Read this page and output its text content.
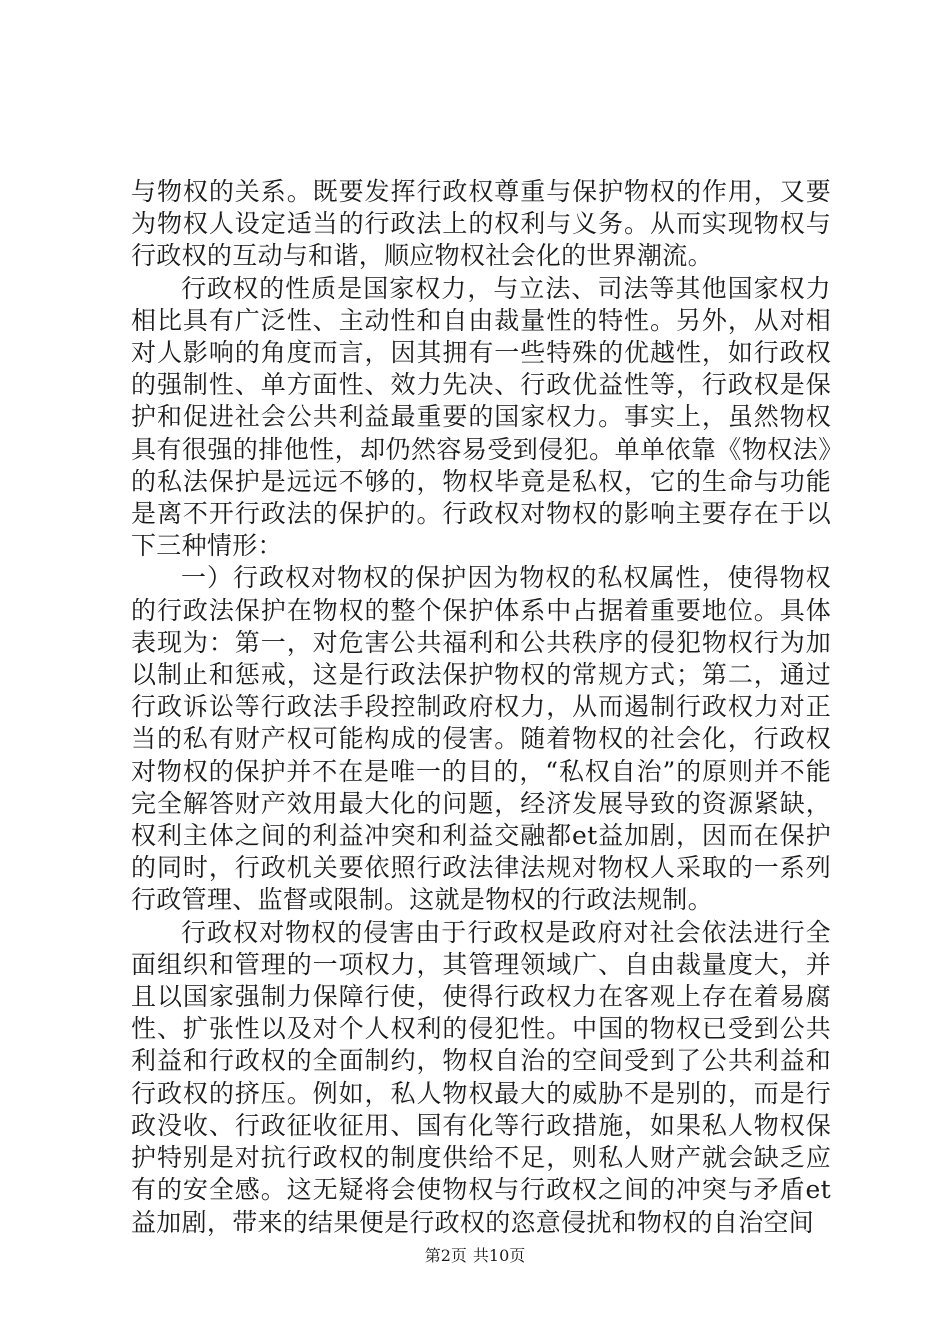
与物权的关系。既要发挥行政权尊重与保护物权的作用，又要为物权人设定适当的行政法上的权利与义务。从而实现物权与行政权的互动与和谐，顺应物权社会化的世界潮流。

行政权的性质是国家权力，与立法、司法等其他国家权力相比具有广泛性、主动性和自由裁量性的特性。另外，从对相对人影响的角度而言，因其拥有一些特殊的优越性，如行政权的强制性、单方面性、效力先决、行政优益性等，行政权是保护和促进社会公共利益最重要的国家权力。事实上，虽然物权具有很强的排他性，却仍然容易受到侵犯。单单依靠《物权法》的私法保护是远远不够的，物权毕竟是私权，它的生命与功能是离不开行政法的保护的。行政权对物权的影响主要存在于以下三种情形：

一）行政权对物权的保护因为物权的私权属性，使得物权的行政法保护在物权的整个保护体系中占据着重要地位。具体表现为：第一，对危害公共福利和公共秩序的侵犯物权行为加以制止和惩戒，这是行政法保护物权的常规方式；第二，通过行政诉讼等行政法手段控制政府权力，从而遏制行政权力对正当的私有财产权可能构成的侵害。随着物权的社会化，行政权对物权的保护并不在是唯一的目的，“私权自治”的原则并不能完全解答财产效用最大化的问题，经济发展导致的资源紧缺，权利主体之间的利益冲突和利益交融都et益加剧，因而在保护的同时，行政机关要依照行政法律法规对物权人采取的一系列行政管理、监督或限制。这就是物权的行政法规制。

行政权对物权的侵害由于行政权是政府对社会依法进行全面组织和管理的一项权力，其管理领域广、自由裁量度大，并且以国家强制力保障行使，使得行政权力在客观上存在着易腐性、扩张性以及对个人权利的侵犯性。中国的物权已受到公共利益和行政权的全面制约，物权自治的空间受到了公共利益和行政权的挤压。例如，私人物权最大的威胁不是别的，而是行政没收、行政征收征用、国有化等行政措施，如果私人物权保护特别是对抗行政权的制度供给不足，则私人财产就会缺乏应有的安全感。这无疑将会使物权与行政权之间的冲突与矛盾et益加剧，带来的结果便是行政权的恣意侵扰和物权的自治空间

第2页 共10页
